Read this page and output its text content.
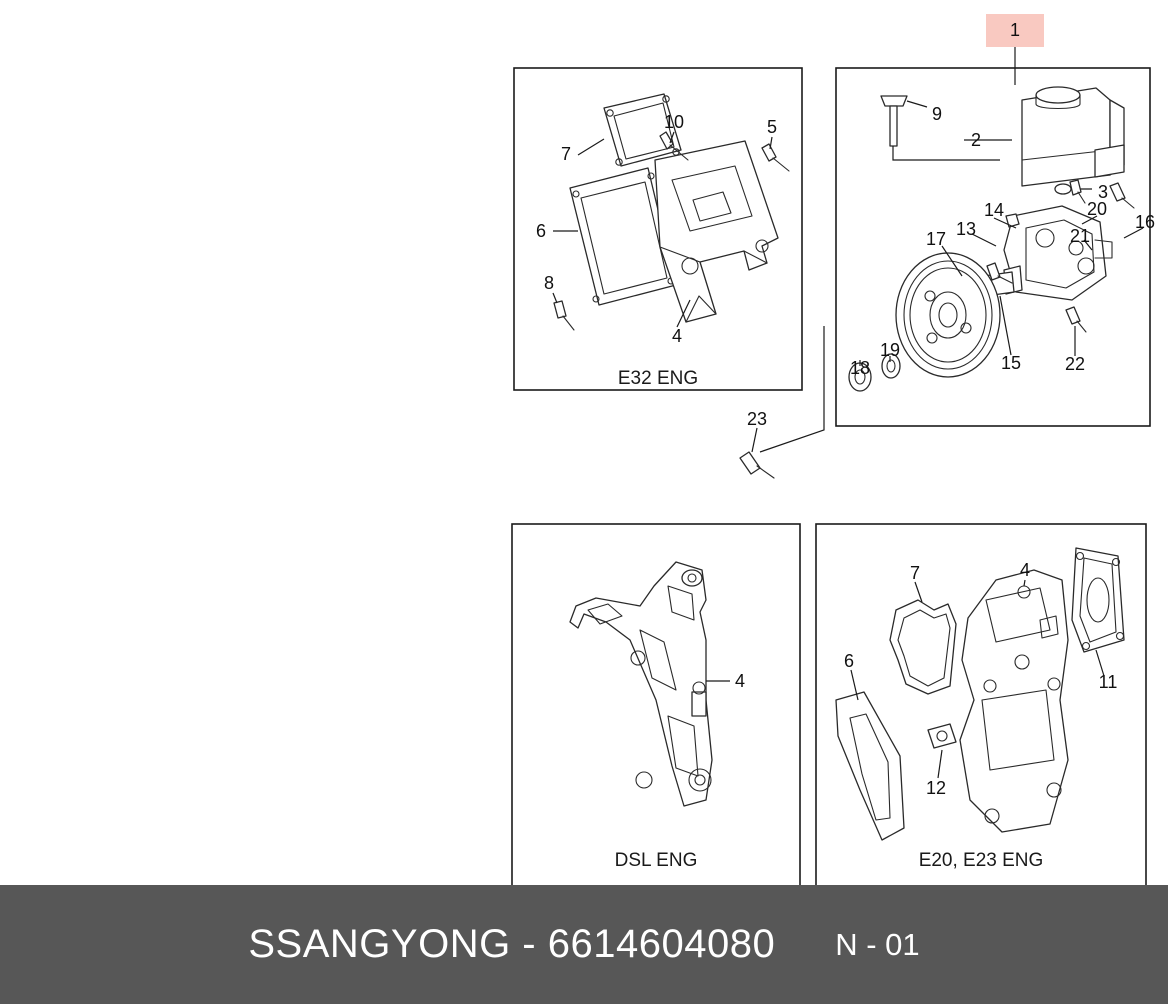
E32 ENG
7
10	5
6
8
4
1
9
2
3
14	20
16
13	21
17
19
18	15 22
23
4
DSL ENG
7	4
6
11
12
E20, E23 ENG
SSANGYONG - 6614604080 N - 01
